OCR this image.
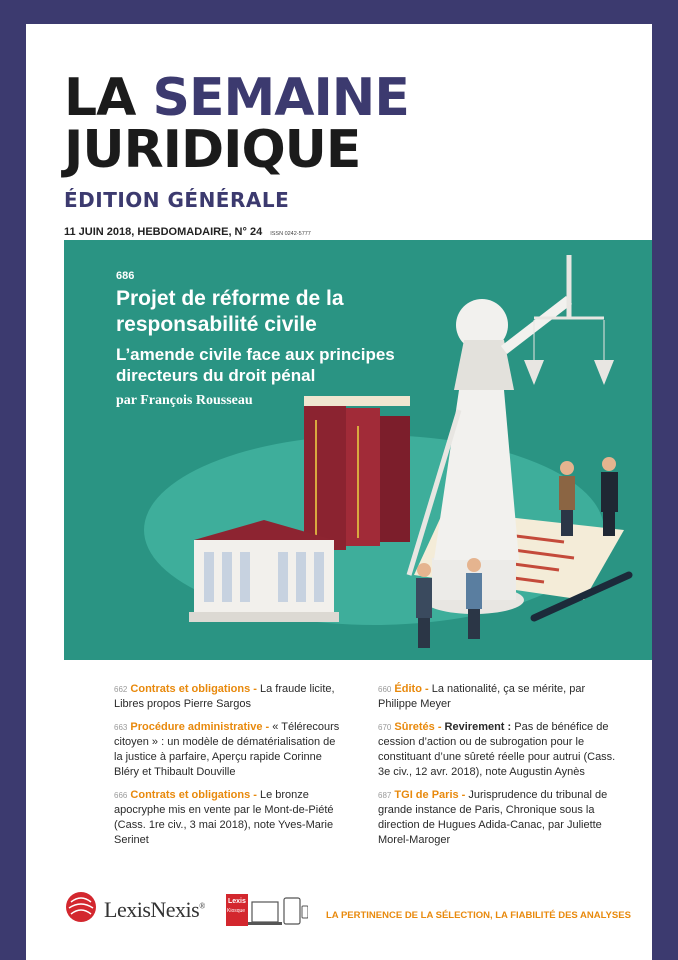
LA SEMAINE
JURIDIQUE
ÉDITION GÉNÉRALE
11 JUIN 2018, HEBDOMADAIRE, N° 24 ISSN 0242-5777
686
Projet de réforme de la responsabilité civile
L’amende civile face aux principes directeurs du droit pénal
par François Rousseau
662 Contrats et obligations - La fraude licite, Libres propos Pierre Sargos
663 Procédure administrative - « Télérecours citoyen » : un modèle de dématérialisation de la justice à parfaire, Aperçu rapide Corinne Bléry et Thibault Douville
666 Contrats et obligations - Le bronze apocryphe mis en vente par le Mont-de-Piété (Cass. 1re civ., 3 mai 2018), note Yves-Marie Serinet
660 Édito - La nationalité, ça se mérite, par Philippe Meyer
670 Sûretés - Revirement : Pas de bénéfice de cession d’action ou de subrogation pour le constituant d’une sûreté réelle pour autrui (Cass. 3e civ., 12 avr. 2018), note Augustin Aynès
687 TGI de Paris - Jurisprudence du tribunal de grande instance de Paris, Chronique sous la direction de Hugues Adida-Canac, par Juliette Morel-Maroger
LexisNexis®
Lexis
Kiosque	LA PERTINENCE DE LA SÉLECTION, LA FIABILITÉ DES ANALYSES
